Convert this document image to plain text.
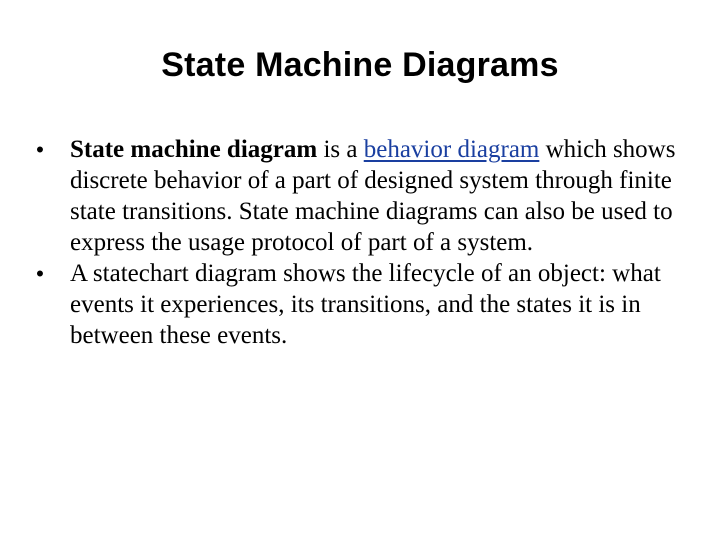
State Machine Diagrams
• State machine diagram is a behavior diagram which shows discrete behavior of a part of designed system through finite state transitions. State machine diagrams can also be used to express the usage protocol of part of a system.
• A statechart diagram shows the lifecycle of an object: what events it experiences, its transitions, and the states it is in between these events.
